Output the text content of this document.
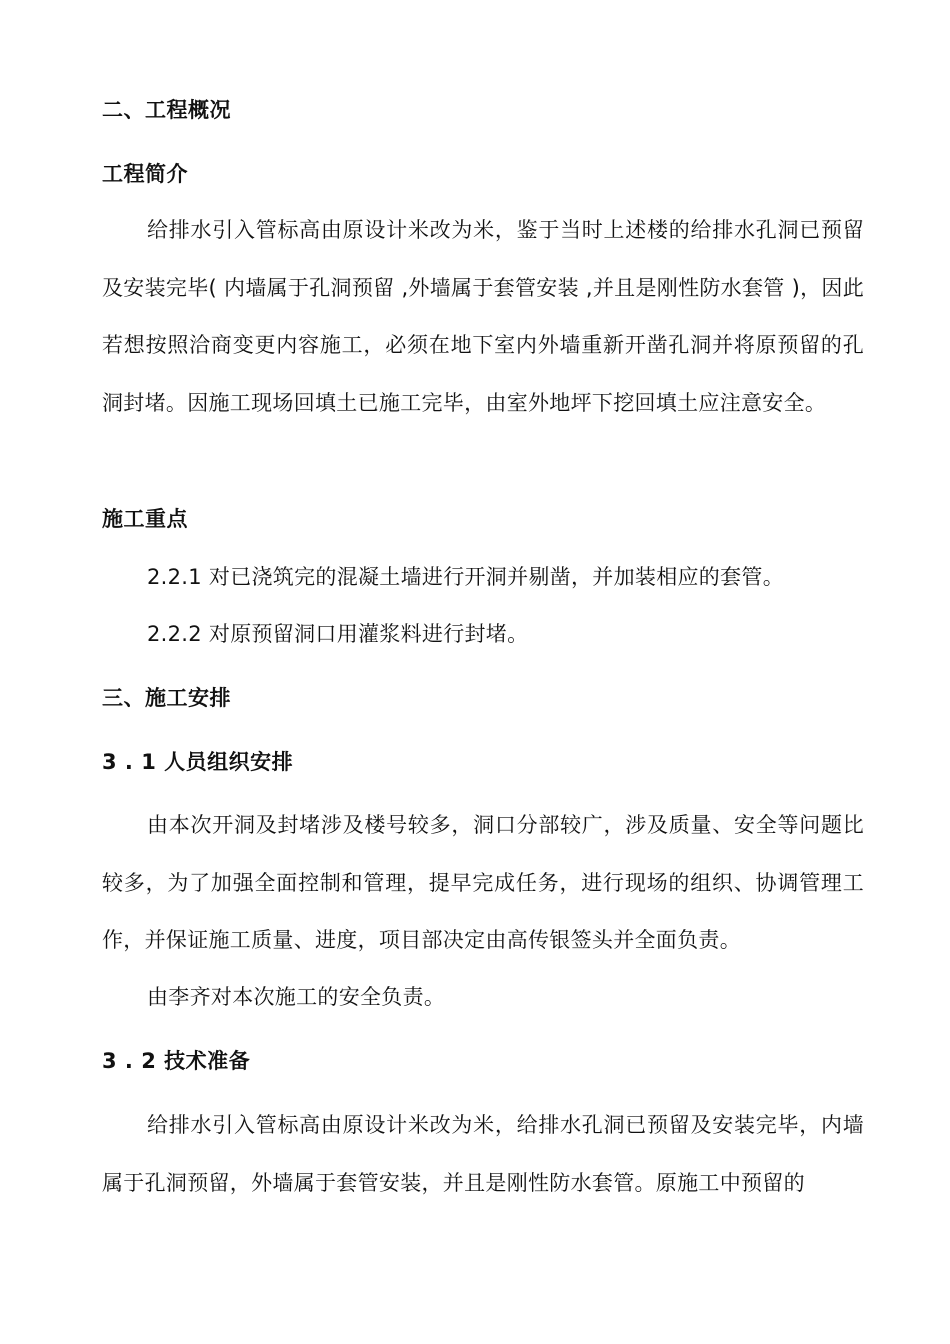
二、工程概况
工程简介
给排水引入管标高由原设计米改为米，鉴于当时上述楼的给排水孔洞已预留及安装完毕( 内墙属于孔洞预留 ,外墙属于套管安装 ,并且是刚性防水套管 )，因此若想按照洽商变更内容施工，必须在地下室内外墙重新开凿孔洞并将原预留的孔洞封堵。因施工现场回填土已施工完毕，由室外地坪下挖回填土应注意安全。
施工重点
2.2.1 对已浇筑完的混凝土墙进行开洞并剔凿，并加装相应的套管。
2.2.2 对原预留洞口用灌浆料进行封堵。
三、施工安排
3 . 1 人员组织安排
由本次开洞及封堵涉及楼号较多，洞口分部较广，涉及质量、安全等问题比较多，为了加强全面控制和管理，提早完成任务，进行现场的组织、协调管理工作，并保证施工质量、进度，项目部决定由高传银签头并全面负责。
由李齐对本次施工的安全负责。
3 . 2 技术准备
给排水引入管标高由原设计米改为米，给排水孔洞已预留及安装完毕，内墙属于孔洞预留，外墙属于套管安装，并且是刚性防水套管。原施工中预留的
